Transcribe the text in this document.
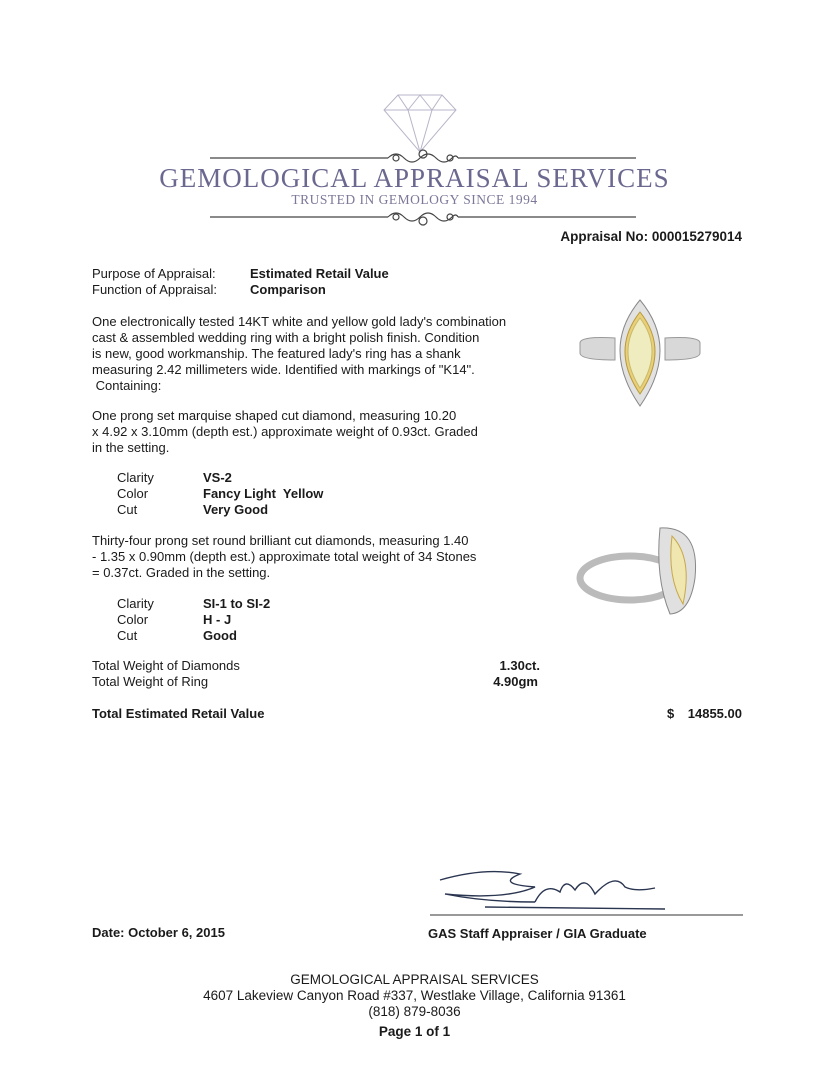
GEMOLOGICAL APPRAISAL SERVICES
TRUSTED IN GEMOLOGY SINCE 1994
Appraisal No: 000015279014
Purpose of Appraisal:	Estimated Retail Value
Function of Appraisal:	Comparison
One electronically tested 14KT white and yellow gold lady's combination
cast & assembled wedding ring with a bright polish finish. Condition
is new, good workmanship. The featured lady's ring has a shank
measuring 2.42 millimeters wide. Identified with markings of "K14".
Containing:
One prong set marquise shaped cut diamond, measuring 10.20
x 4.92 x 3.10mm (depth est.) approximate weight of 0.93ct. Graded
in the setting.
Clarity	VS-2
Color	Fancy Light  Yellow
Cut	Very Good
Thirty-four prong set round brilliant cut diamonds, measuring 1.40
- 1.35 x 0.90mm (depth est.) approximate total weight of 34 Stones
= 0.37ct. Graded in the setting.
Clarity	SI-1 to SI-2
Color	H - J
Cut	Good
Total Weight of Diamonds	1.30ct.
Total Weight of Ring	4.90gm
Total Estimated Retail Value	$ 14855.00
Date: October 6, 2015	GAS Staff Appraiser / GIA Graduate
GEMOLOGICAL APPRAISAL SERVICES
4607 Lakeview Canyon Road #337, Westlake Village, California 91361
(818) 879-8036
Page 1 of 1
